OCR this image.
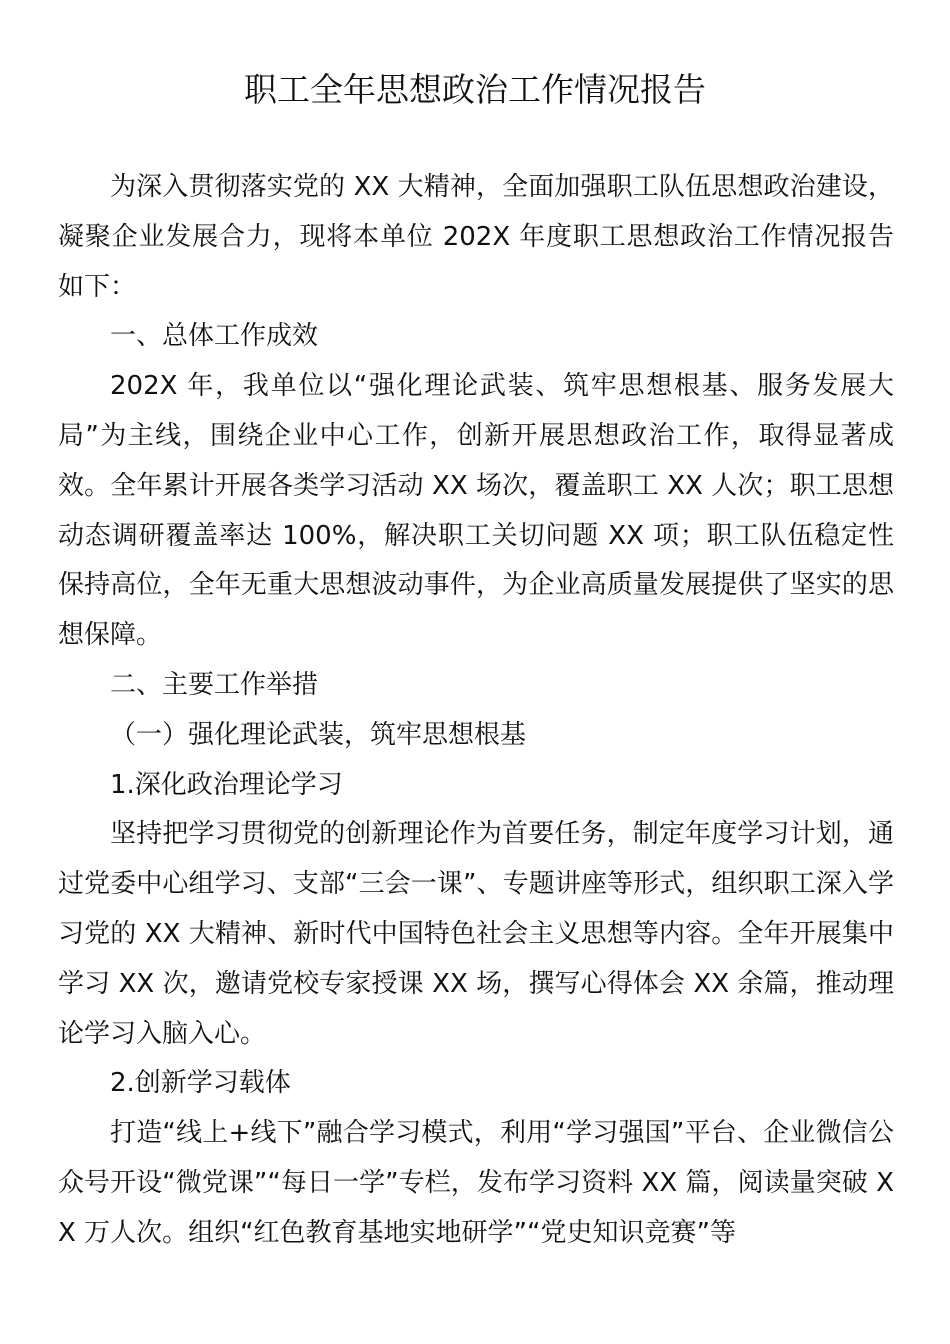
职工全年思想政治工作情况报告

为深入贯彻落实党的 XX 大精神，全面加强职工队伍思想政治建设，凝聚企业发展合力，现将本单位 202X 年度职工思想政治工作情况报告如下：

一、总体工作成效

202X 年，我单位以“强化理论武装、筑牢思想根基、服务发展大局”为主线，围绕企业中心工作，创新开展思想政治工作，取得显著成效。全年累计开展各类学习活动 XX 场次，覆盖职工 XX 人次；职工思想动态调研覆盖率达 100%，解决职工关切问题 XX 项；职工队伍稳定性保持高位，全年无重大思想波动事件，为企业高质量发展提供了坚实的思想保障。

二、主要工作举措

（一）强化理论武装，筑牢思想根基

1.深化政治理论学习

坚持把学习贯彻党的创新理论作为首要任务，制定年度学习计划，通过党委中心组学习、支部“三会一课”、专题讲座等形式，组织职工深入学习党的 XX 大精神、新时代中国特色社会主义思想等内容。全年开展集中学习 XX 次，邀请党校专家授课 XX 场，撰写心得体会 XX 余篇，推动理论学习入脑入心。

2.创新学习载体

打造“线上+线下”融合学习模式，利用“学习强国”平台、企业微信公众号开设“微党课”“每日一学”专栏，发布学习资料 XX 篇，阅读量突破 XX 万人次。组织“红色教育基地实地研学”“党史知识竞赛”等
